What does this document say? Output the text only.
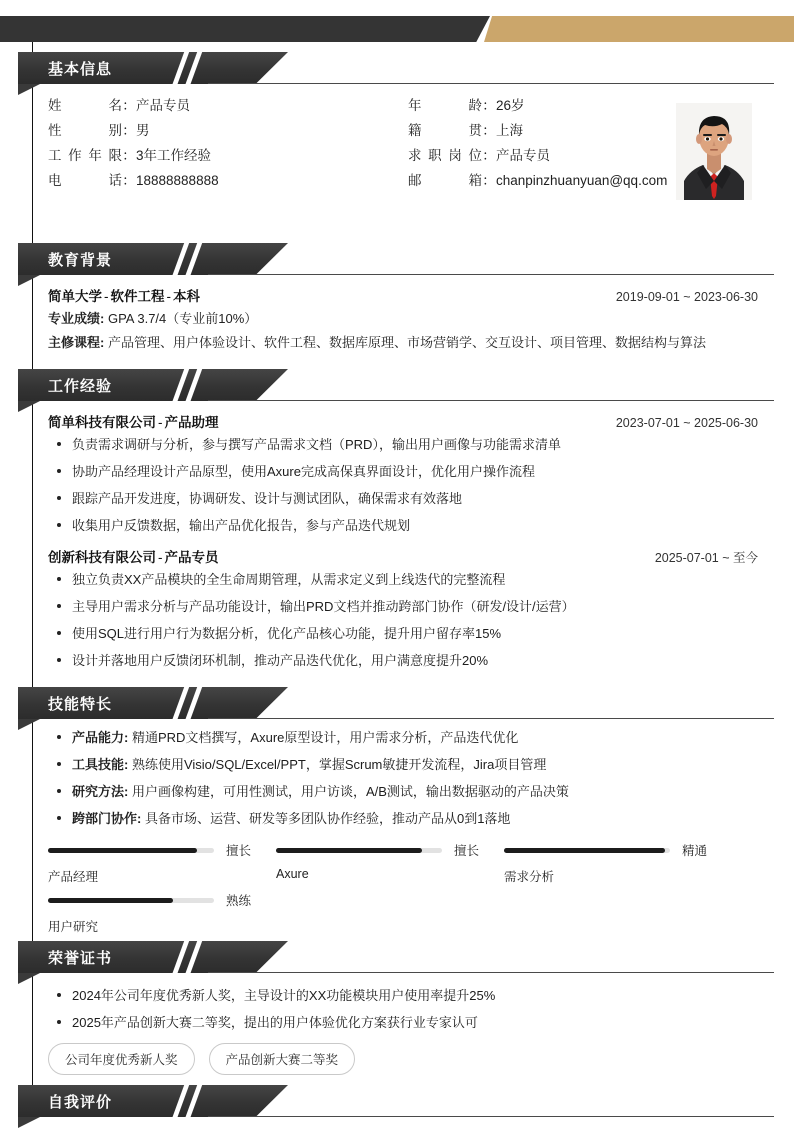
基本信息
姓　　名 ： 产品专员	年　　龄 ： 26岁
性　　别 ： 男	籍　　贯 ： 上海
工 作 年 限 ： 3年工作经验	求 职 岗 位 ： 产品专员
电　　话 ： 18888888888	邮　　箱 ： chanpinzhuanyuan@qq.com
教育背景
简单大学 - 软件工程 - 本科	2019-09-01 ~ 2023-06-30
专业成绩: GPA 3.7/4（专业前10%）
主修课程: 产品管理、用户体验设计、软件工程、数据库原理、市场营销学、交互设计、项目管理、数据结构与算法
工作经验
简单科技有限公司 - 产品助理	2023-07-01 ~ 2025-06-30
负责需求调研与分析，参与撰写产品需求文档（PRD），输出用户画像与功能需求清单
协助产品经理设计产品原型，使用Axure完成高保真界面设计，优化用户操作流程
跟踪产品开发进度，协调研发、设计与测试团队，确保需求有效落地
收集用户反馈数据，输出产品优化报告，参与产品迭代规划
创新科技有限公司 - 产品专员	2025-07-01 ~ 至今
独立负责XX产品模块的全生命周期管理，从需求定义到上线迭代的完整流程
主导用户需求分析与产品功能设计，输出PRD文档并推动跨部门协作（研发/设计/运营）
使用SQL进行用户行为数据分析，优化产品核心功能，提升用户留存率15%
设计并落地用户反馈闭环机制，推动产品迭代优化，用户满意度提升20%
技能特长
产品能力: 精通PRD文档撰写，Axure原型设计，用户需求分析，产品迭代优化
工具技能: 熟练使用Visio/SQL/Excel/PPT，掌握Scrum敏捷开发流程，Jira项目管理
研究方法: 用户画像构建，可用性测试，用户访谈，A/B测试，输出数据驱动的产品决策
跨部门协作: 具备市场、运营、研发等多团队协作经验，推动产品从0到1落地
擅长
产品经理
擅长
Axure
精通
需求分析
熟练
用户研究
荣誉证书
2024年公司年度优秀新人奖，主导设计的XX功能模块用户使用率提升25%
2025年产品创新大赛二等奖，提出的用户体验优化方案获行业专家认可
公司年度优秀新人奖	产品创新大赛二等奖
自我评价
